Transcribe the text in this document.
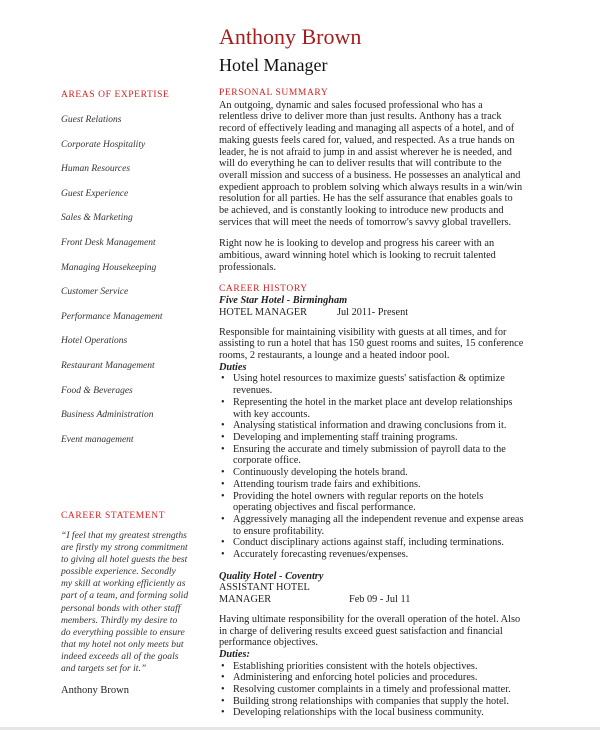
Anthony Brown
Hotel Manager
AREAS OF EXPERTISE
Guest Relations
Corporate Hospitality
Human Resources
Guest Experience
Sales & Marketing
Front Desk Management
Managing Housekeeping
Customer Service
Performance Management
Hotel Operations
Restaurant Management
Food & Beverages
Business Administration
Event management
CAREER STATEMENT
“I feel that my greatest strengths are firstly my strong commitment to giving all hotel guests the best possible experience. Secondly my skill at working efficiently as part of a team, and forming solid personal bonds with other staff members. Thirdly my desire to do everything possible to ensure that my hotel not only meets but indeed exceeds all of the goals and targets set for it.”
Anthony Brown

PERSONAL SUMMARY

An outgoing, dynamic and sales focused professional who has a relentless drive to deliver more than just results. Anthony has a track record of effectively leading and managing all aspects of a hotel, and of making guests feels cared for, valued, and respected. As a true hands on leader, he is not afraid to jump in and assist wherever he is needed, and will do everything he can to deliver results that will contribute to the overall mission and success of a business. He possesses an analytical and expedient approach to problem solving which always results in a win/win resolution for all parties. He has the self assurance that enables goals to be achieved, and is constantly looking to introduce new products and services that will meet the needs of tomorrow's savvy global travellers.

Right now he is looking to develop and progress his career with an ambitious, award winning hotel which is looking to recruit talented professionals.

CAREER HISTORY

Five Star Hotel - Birmingham

HOTEL MANAGER	Jul 2011- Present

Responsible for maintaining visibility with guests at all times, and for assisting to run a hotel that has 150 guest rooms and suites, 15 conference rooms, 2 restaurants, a lounge and a heated indoor pool.

Duties

• Using hotel resources to maximize guests' satisfaction & optimize revenues.
• Representing the hotel in the market place ant develop relationships with key accounts.
• Analysing statistical information and drawing conclusions from it.
• Developing and implementing staff training programs.
• Ensuring the accurate and timely submission of payroll data to the corporate office.
• Continuously developing the hotels brand.
• Attending tourism trade fairs and exhibitions.
• Providing the hotel owners with regular reports on the hotels operating objectives and fiscal performance.
• Aggressively managing all the independent revenue and expense areas to ensure profitability.
• Conduct disciplinary actions against staff, including terminations.
• Accurately forecasting revenues/expenses.

Quality Hotel - Coventry

ASSISTANT HOTEL MANAGER	Feb 09 - Jul 11

Having ultimate responsibility for the overall operation of the hotel. Also in charge of delivering results exceed guest satisfaction and financial performance objectives.

Duties:

• Establishing priorities consistent with the hotels objectives.
• Administering and enforcing hotel policies and procedures.
• Resolving customer complaints in a timely and professional matter.
• Building strong relationships with companies that supply the hotel.
• Developing relationships with the local business community.
